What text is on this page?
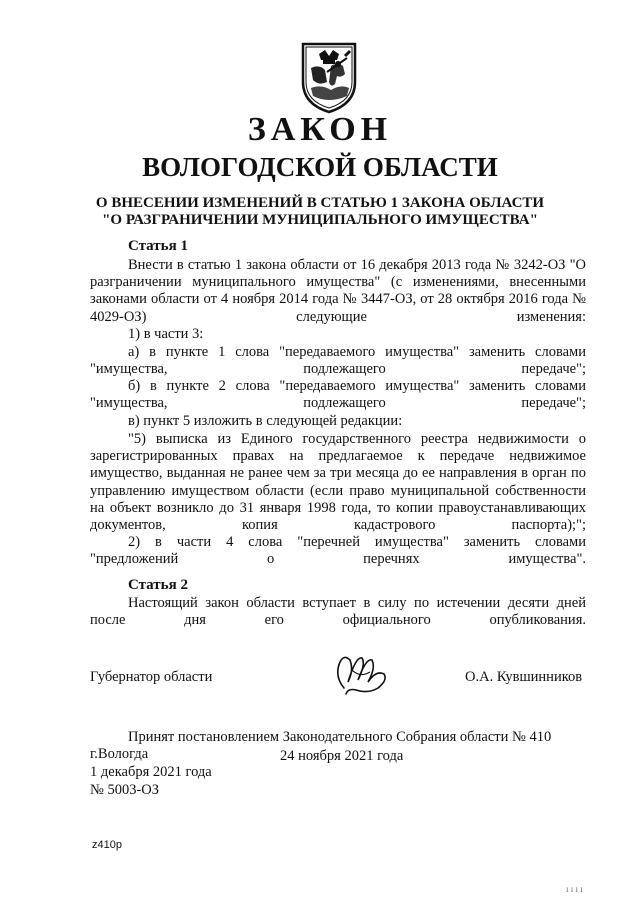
ЗАКОН
ВОЛОГОДСКОЙ ОБЛАСТИ
О ВНЕСЕНИИ ИЗМЕНЕНИЙ В СТАТЬЮ 1 ЗАКОНА ОБЛАСТИ
"О РАЗГРАНИЧЕНИИ МУНИЦИПАЛЬНОГО ИМУЩЕСТВА"
Статья 1
Внести в статью 1 закона области от 16 декабря 2013 года № 3242-ОЗ "О разграничении муниципального имущества" (с изменениями, внесенными законами области от 4 ноября 2014 года № 3447-ОЗ, от 28 октября 2016 года № 4029-ОЗ) следующие изменения:
1) в части 3:
а) в пункте 1 слова "передаваемого имущества" заменить словами "имущества, подлежащего передаче";
б) в пункте 2 слова "передаваемого имущества" заменить словами "имущества, подлежащего передаче";
в) пункт 5 изложить в следующей редакции:
"5) выписка из Единого государственного реестра недвижимости о зарегистрированных правах на предлагаемое к передаче недвижимое имущество, выданная не ранее чем за три месяца до ее направления в орган по управлению имуществом области (если право муниципальной собственности на объект возникло до 31 января 1998 года, то копии правоустанавливающих документов, копия кадастрового паспорта);";
2) в части 4 слова "перечней имущества" заменить словами "предложений о перечнях имущества".
Статья 2
Настоящий закон области вступает в силу по истечении десяти дней после дня его официального опубликования.
Губернатор области	О.А. Кувшинников
Принят постановлением Законодательного Собрания области № 410
г.Вологда	24 ноября 2021 года
1 декабря 2021 года
№ 5003-ОЗ
z410p
ı ı ı ı
